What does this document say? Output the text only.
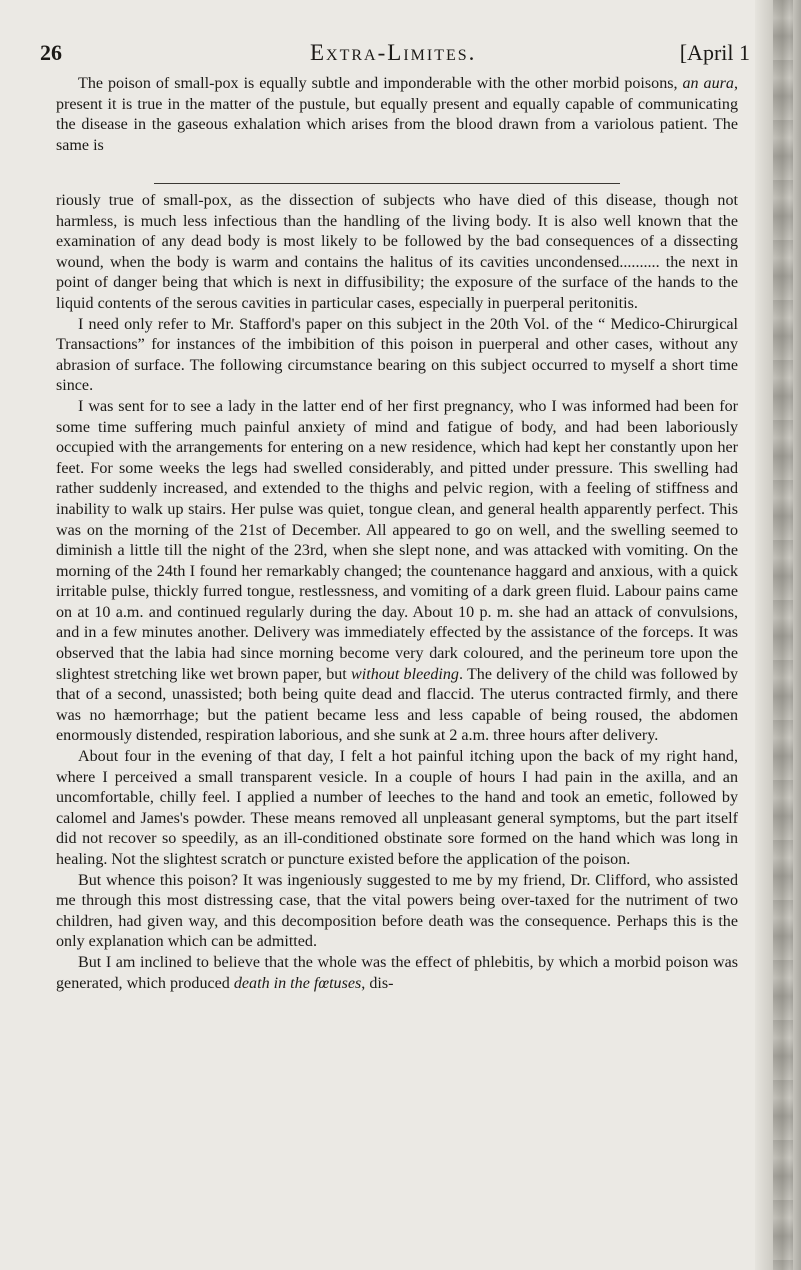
26	Extra-Limites.	[April 1

The poison of small-pox is equally subtle and imponderable with the other morbid poisons, an aura, present it is true in the matter of the pustule, but equally present and equally capable of communicating the disease in the gaseous exhalation which arises from the blood drawn from a variolous patient. The same is

riously true of small-pox, as the dissection of subjects who have died of this disease, though not harmless, is much less infectious than the handling of the living body. It is also well known that the examination of any dead body is most likely to be followed by the bad consequences of a dissecting wound, when the body is warm and contains the halitus of its cavities uncondensed.......... the next in point of danger being that which is next in diffusibility; the exposure of the surface of the hands to the liquid contents of the serous cavities in particular cases, especially in puerperal peritonitis.

I need only refer to Mr. Stafford's paper on this subject in the 20th Vol. of the “ Medico-Chirurgical Transactions” for instances of the imbibition of this poison in puerperal and other cases, without any abrasion of surface. The following circumstance bearing on this subject occurred to myself a short time since.

I was sent for to see a lady in the latter end of her first pregnancy, who I was informed had been for some time suffering much painful anxiety of mind and fatigue of body, and had been laboriously occupied with the arrangements for entering on a new residence, which had kept her constantly upon her feet. For some weeks the legs had swelled considerably, and pitted under pressure. This swelling had rather suddenly increased, and extended to the thighs and pelvic region, with a feeling of stiffness and inability to walk up stairs. Her pulse was quiet, tongue clean, and general health apparently perfect. This was on the morning of the 21st of December. All appeared to go on well, and the swelling seemed to diminish a little till the night of the 23rd, when she slept none, and was attacked with vomiting. On the morning of the 24th I found her remarkably changed; the countenance haggard and anxious, with a quick irritable pulse, thickly furred tongue, restlessness, and vomiting of a dark green fluid. Labour pains came on at 10 a.m. and continued regularly during the day. About 10 p. m. she had an attack of convulsions, and in a few minutes another. Delivery was immediately effected by the assistance of the forceps. It was observed that the labia had since morning become very dark coloured, and the perineum tore upon the slightest stretching like wet brown paper, but without bleeding. The delivery of the child was followed by that of a second, unassisted; both being quite dead and flaccid. The uterus contracted firmly, and there was no hæmorrhage; but the patient became less and less capable of being roused, the abdomen enormously distended, respiration laborious, and she sunk at 2 a.m. three hours after delivery.

About four in the evening of that day, I felt a hot painful itching upon the back of my right hand, where I perceived a small transparent vesicle. In a couple of hours I had pain in the axilla, and an uncomfortable, chilly feel. I applied a number of leeches to the hand and took an emetic, followed by calomel and James's powder. These means removed all unpleasant general symptoms, but the part itself did not recover so speedily, as an ill-conditioned obstinate sore formed on the hand which was long in healing. Not the slightest scratch or puncture existed before the application of the poison.

But whence this poison? It was ingeniously suggested to me by my friend, Dr. Clifford, who assisted me through this most distressing case, that the vital powers being over-taxed for the nutriment of two children, had given way, and this decomposition before death was the consequence. Perhaps this is the only explanation which can be admitted.

But I am inclined to believe that the whole was the effect of phlebitis, by which a morbid poison was generated, which produced death in the fœtuses, dis-
